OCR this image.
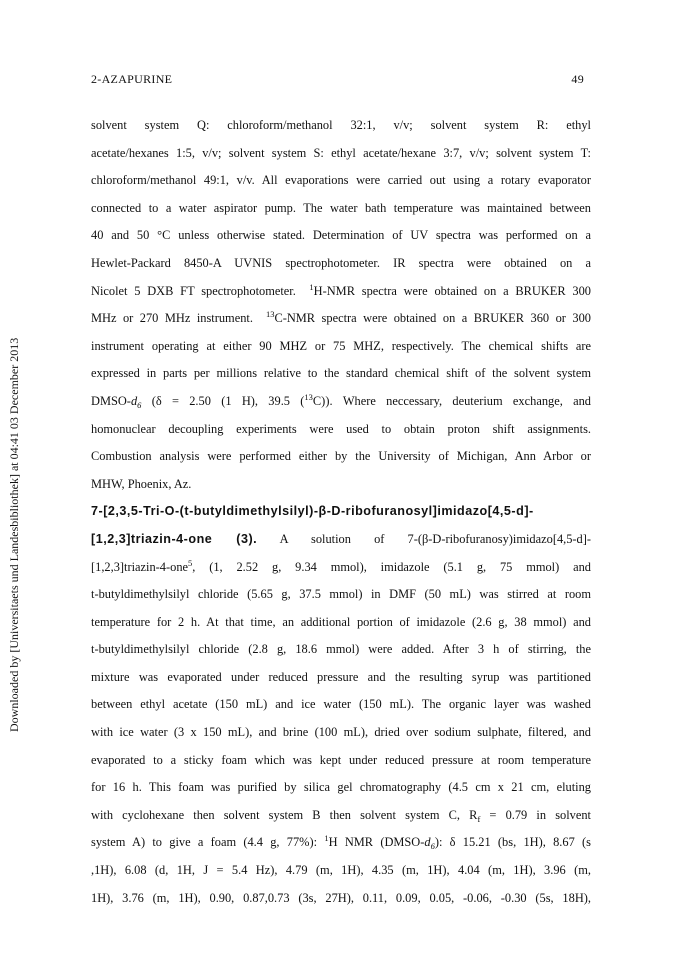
2-AZAPURINE	49
Downloaded by [Universitaets und Landesbibliothek] at 04:41 03 December 2013
solvent system Q: chloroform/methanol 32:1, v/v; solvent system R: ethyl
acetate/hexanes 1:5, v/v; solvent system S: ethyl acetate/hexane 3:7, v/v; solvent system T:
chloroform/methanol 49:1, v/v. All evaporations were carried out using a rotary evaporator
connected to a water aspirator pump. The water bath temperature was maintained between
40 and 50 °C unless otherwise stated. Determination of UV spectra was performed on a
Hewlet-Packard 8450-A UVNIS spectrophotometer. IR spectra were obtained on a
Nicolet 5 DXB FT spectrophotometer. $^1$H-NMR spectra were obtained on a BRUKER 300
MHz or 270 MHz instrument. $^{13}$C-NMR spectra were obtained on a BRUKER 360 or 300
instrument operating at either 90 MHZ or 75 MHZ, respectively. The chemical shifts are
expressed in parts per millions relative to the standard chemical shift of the solvent system
DMSO-$d_6$ (δ = 2.50 (1 H), 39.5 ($^{13}$C)). Where neccessary, deuterium exchange, and
homonuclear decoupling experiments were used to obtain proton shift assignments.
Combustion analysis were performed either by the University of Michigan, Ann Arbor or
MHW, Phoenix, Az.
7-[2,3,5-Tri-O-(t-butyldimethylsilyl)-β-D-ribofuranosyl]imidazo[4,5-d]-
[1,2,3]triazin-4-one (3). A solution of 7-(β-D-ribofuranosy)imidazo[4,5-d]-
[1,2,3]triazin-4-one$^5$, (1, 2.52 g, 9.34 mmol), imidazole (5.1 g, 75 mmol) and
t-butyldimethylsilyl chloride (5.65 g, 37.5 mmol) in DMF (50 mL) was stirred at room
temperature for 2 h. At that time, an additional portion of imidazole (2.6 g, 38 mmol) and
t-butyldimethylsilyl chloride (2.8 g, 18.6 mmol) were added. After 3 h of stirring, the
mixture was evaporated under reduced pressure and the resulting syrup was partitioned
between ethyl acetate (150 mL) and ice water (150 mL). The organic layer was washed
with ice water (3 x 150 mL), and brine (100 mL), dried over sodium sulphate, filtered, and
evaporated to a sticky foam which was kept under reduced pressure at room temperature
for 16 h. This foam was purified by silica gel chromatography (4.5 cm x 21 cm, eluting
with cyclohexane then solvent system B then solvent system C, $R_f = 0.79$ in solvent
system A) to give a foam (4.4 g, 77%): $^1$H NMR $(DMSO-d_6)$: δ 15.21 (bs, 1H), 8.67 (s
,1H), 6.08 (d, 1H, J = 5.4 Hz), 4.79 (m, 1H), 4.35 (m, 1H), 4.04 (m, 1H), 3.96 (m,
1H), 3.76 (m, 1H), 0.90, 0.87,0.73 (3s, 27H), 0.11, 0.09, 0.05, -0.06, -0.30 (5s, 18H),
